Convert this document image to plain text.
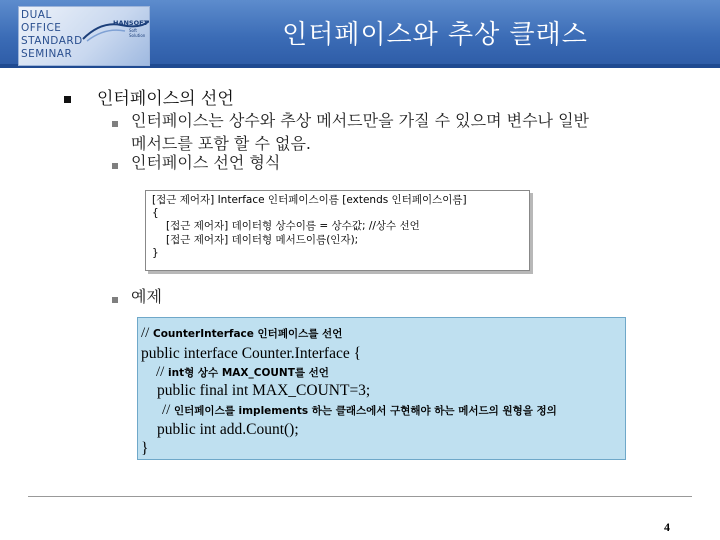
DUAL
OFFICE
STANDARD
SEMINAR
HANSOFT
Soft Solution	인터페이스와 추상 클래스
인터페이스의 선언
인터페이스는 상수와 추상 메서드만을 가질 수 있으며 변수나 일반
메서드를 포함 할 수 없음.
인터페이스 선언 형식
[접근 제어자] Interface 인터페이스이름 [extends 인터페이스이름]
{
[접근 제어자] 데이터형 상수이름 = 상수값; //상수 선언
[접근 제어자] 데이터형 메서드이름(인자);
}
예제
// CounterInterface 인터페이스를 선언
public interface Counter.Interface {
// int형 상수 MAX_COUNT를 선언
public final int MAX_COUNT=3;
// 인터페이스를 implements 하는 클래스에서 구현해야 하는 메서드의 원형을 정의
public int add.Count();
}
4
